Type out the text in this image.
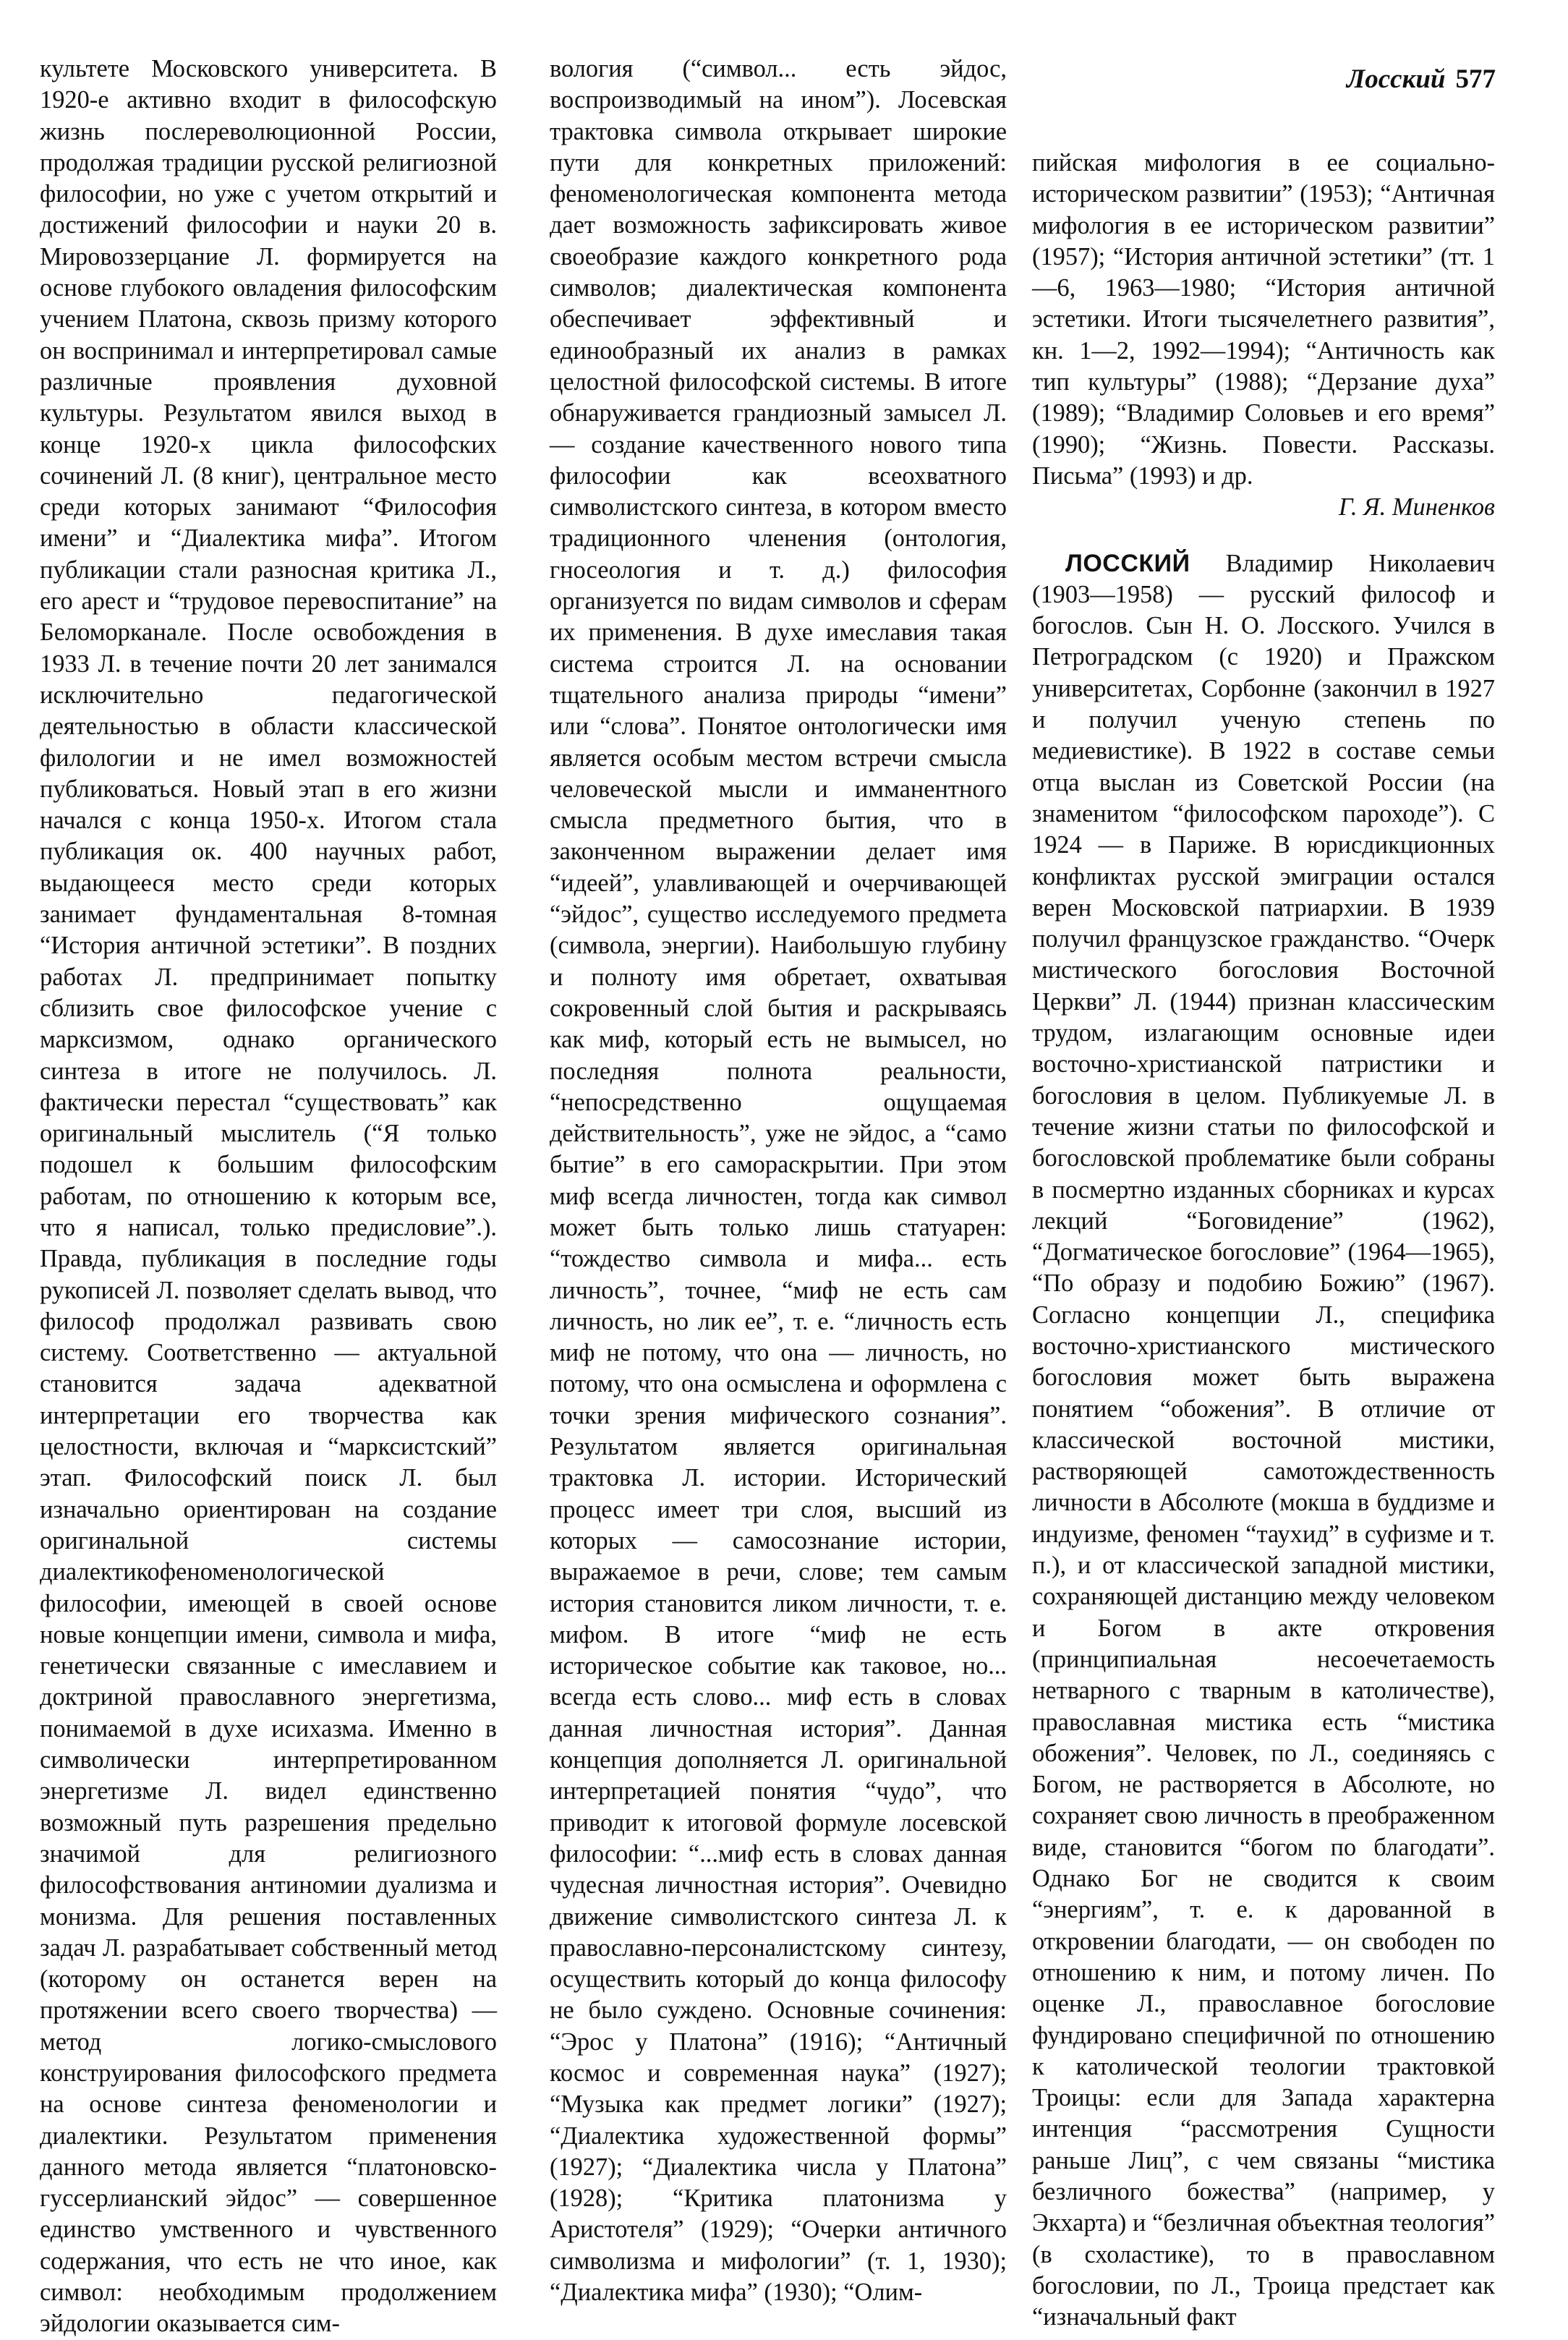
Лосский 577

культете Московского университета. В 1920-е активно входит в философскую жизнь послереволюционной России, продолжая традиции русской религиозной философии, но уже с учетом открытий и достижений философии и науки 20 в. Мировоззерцание Л. формируется на основе глубокого овладения философским учением Платона, сквозь призму которого он воспринимал и интерпретировал самые различные проявления духовной культуры. Результатом явился выход в конце 1920-х цикла философских сочинений Л. (8 книг), центральное место среди которых занимают “Философия имени” и “Диалектика мифа”. Итогом публикации стали разносная критика Л., его арест и “трудовое перевоспитание” на Беломорканале. После освобождения в 1933 Л. в течение почти 20 лет занимался исключительно педагогической деятельностью в области классической филологии и не имел возможностей публиковаться. Новый этап в его жизни начался с конца 1950-х. Итогом стала публикация ок. 400 научных работ, выдающееся место среди которых занимает фундаментальная 8-томная “История античной эстетики”. В поздних работах Л. предпринимает попытку сблизить свое философское учение с марксизмом, однако органического синтеза в итоге не получилось. Л. фактически перестал “существовать” как оригинальный мыслитель (“Я только подошел к большим философским работам, по отношению к которым все, что я написал, только предисловие”.). Правда, публикация в последние годы рукописей Л. позволяет сделать вывод, что философ продолжал развивать свою систему. Соответственно — актуальной становится задача адекватной интерпретации его творчества как целостности, включая и “марксистский” этап. Философский поиск Л. был изначально ориентирован на создание оригинальной системы диалектикофеноменологической философии, имеющей в своей основе новые концепции имени, символа и мифа, генетически связанные с имеславием и доктриной православного энергетизма, понимаемой в духе исихазма. Именно в символически интерпретированном энергетизме Л. видел единственно возможный путь разрешения предельно значимой для религиозного философствования антиномии дуализма и монизма. Для решения поставленных задач Л. разрабатывает собственный метод (которому он останется верен на протяжении всего своего творчества) — метод логико-смыслового конструирования философского предмета на основе синтеза феноменологии и диалектики. Результатом применения данного метода является “платоновско-гуссерлианский эйдос” — совершенное единство умственного и чувственного содержания, что есть не что иное, как символ: необходимым продолжением эйдологии оказывается сим-

вология (“символ... есть эйдос, воспроизводимый на ином”). Лосевская трактовка символа открывает широкие пути для конкретных приложений: феноменологическая компонента метода дает возможность зафиксировать живое своеобразие каждого конкретного рода символов; диалектическая компонента обеспечивает эффективный и единообразный их анализ в рамках целостной философской системы. В итоге обнаруживается грандиозный замысел Л. — создание качественного нового типа философии как всеохватного символистского синтеза, в котором вместо традиционного членения (онтология, гносеология и т. д.) философия организуется по видам символов и сферам их применения. В духе имеславия такая система строится Л. на основании тщательного анализа природы “имени” или “слова”. Понятое онтологически имя является особым местом встречи смысла человеческой мысли и имманентного смысла предметного бытия, что в законченном выражении делает имя “идеей”, улавливающей и очерчивающей “эйдос”, существо исследуемого предмета (символа, энергии). Наибольшую глубину и полноту имя обретает, охватывая сокровенный слой бытия и раскрываясь как миф, который есть не вымысел, но последняя полнота реальности, “непосредственно ощущаемая действительность”, уже не эйдос, а “само бытие” в его самораскрытии. При этом миф всегда личностен, тогда как символ может быть только лишь статуарен: “тождество символа и мифа... есть личность”, точнее, “миф не есть сам личность, но лик ее”, т. е. “личность есть миф не потому, что она — личность, но потому, что она осмыслена и оформлена с точки зрения мифического сознания”. Результатом является оригинальная трактовка Л. истории. Исторический процесс имеет три слоя, высший из которых — самосознание истории, выражаемое в речи, слове; тем самым история становится ликом личности, т. е. мифом. В итоге “миф не есть историческое событие как таковое, но... всегда есть слово... миф есть в словах данная личностная история”. Данная концепция дополняется Л. оригинальной интерпретацией понятия “чудо”, что приводит к итоговой формуле лосевской философии: “...миф есть в словах данная чудесная личностная история”. Очевидно движение символистского синтеза Л. к православно-персоналистскому синтезу, осуществить который до конца философу не было суждено. Основные сочинения: “Эрос у Платона” (1916); “Античный космос и современная наука” (1927); “Музыка как предмет логики” (1927); “Диалектика художественной формы” (1927); “Диалектика числа у Платона” (1928); “Критика платонизма у Аристотеля” (1929); “Очерки античного символизма и мифологии” (т. 1, 1930); “Диалектика мифа” (1930); “Олим-

пийская мифология в ее социально-историческом развитии” (1953); “Античная мифология в ее историческом развитии” (1957); “История античной эстетики” (тт. 1—6, 1963—1980; “История античной эстетики. Итоги тысячелетнего развития”, кн. 1—2, 1992—1994); “Античность как тип культуры” (1988); “Дерзание духа” (1989); “Владимир Соловьев и его время” (1990); “Жизнь. Повести. Рассказы. Письма” (1993) и др.

Г. Я. Миненков

ЛОССКИЙ Владимир Николаевич (1903—1958) — русский философ и богослов. Сын Н. О. Лосского. Учился в Петроградском (с 1920) и Пражском университетах, Сорбонне (закончил в 1927 и получил ученую степень по медиевистике). В 1922 в составе семьи отца выслан из Советской России (на знаменитом “философском пароходе”). С 1924 — в Париже. В юрисдикционных конфликтах русской эмиграции остался верен Московской патриархии. В 1939 получил французское гражданство. “Очерк мистического богословия Восточной Церкви” Л. (1944) признан классическим трудом, излагающим основные идеи восточно-христианской патристики и богословия в целом. Публикуемые Л. в течение жизни статьи по философской и богословской проблематике были собраны в посмертно изданных сборниках и курсах лекций “Боговидение” (1962), “Догматическое богословие” (1964—1965), “По образу и подобию Божию” (1967). Согласно концепции Л., специфика восточно-христианского мистического богословия может быть выражена понятием “обожения”. В отличие от классической восточной мистики, растворяющей самотождественность личности в Абсолюте (мокша в буддизме и индуизме, феномен “таухид” в суфизме и т. п.), и от классической западной мистики, сохраняющей дистанцию между человеком и Богом в акте откровения (принципиальная несоечетаемость нетварного с тварным в католичестве), православная мистика есть “мистика обожения”. Человек, по Л., соединяясь с Богом, не растворяется в Абсолюте, но сохраняет свою личность в преображенном виде, становится “богом по благодати”. Однако Бог не сводится к своим “энергиям”, т. е. к дарованной в откровении благодати, — он свободен по отношению к ним, и потому личен. По оценке Л., православное богословие фундировано специфичной по отношению к католической теологии трактовкой Троицы: если для Запада характерна интенция “рассмотрения Сущности раньше Лиц”, с чем связаны “мистика безличного божества” (например, у Экхарта) и “безличная объектная теология” (в схоластике), то в православном богословии, по Л., Троица предстает как “изначальный факт
